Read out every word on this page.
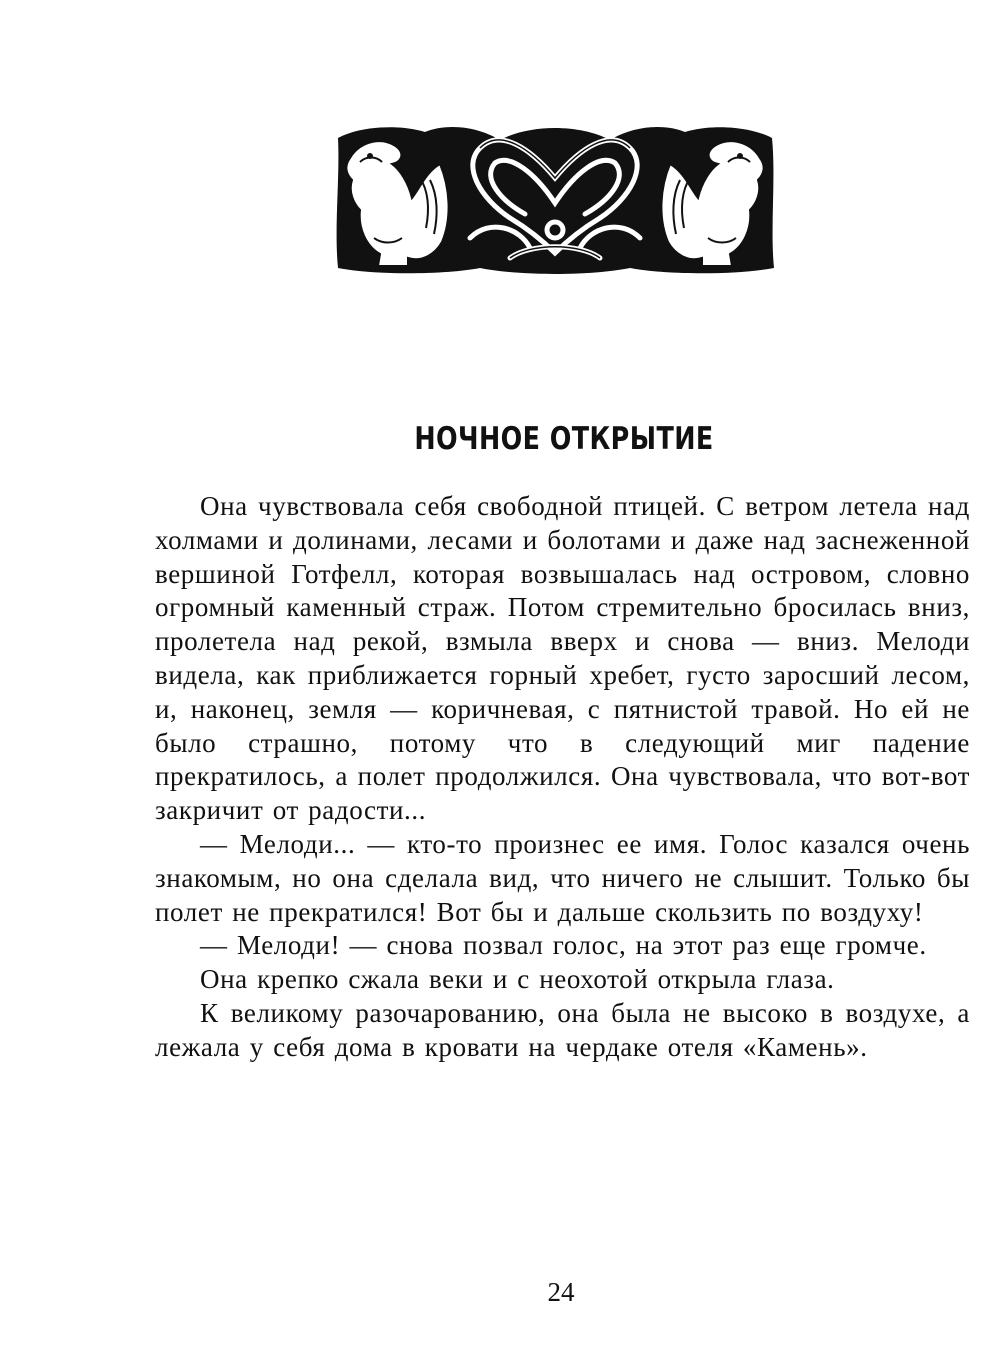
НОЧНОЕ ОТКРЫТИЕ

Она чувствовала себя свободной птицей. С ветром летела над холмами и долинами, лесами и болотами и даже над заснеженной вершиной Готфелл, которая возвышалась над островом, словно огромный каменный страж. Потом стремительно бросилась вниз, пролетела над рекой, взмыла вверх и снова — вниз. Мелоди видела, как приближается горный хребет, густо заросший лесом, и, наконец, земля — коричневая, с пятнистой травой. Но ей не было страшно, потому что в следующий миг падение прекратилось, а полет продолжился. Она чувствовала, что вот-вот закричит от радости...

— Мелоди... — кто-то произнес ее имя. Голос казался очень знакомым, но она сделала вид, что ничего не слышит. Только бы полет не прекратился! Вот бы и дальше скользить по воздуху!

— Мелоди! — снова позвал голос, на этот раз еще громче.

Она крепко сжала веки и с неохотой открыла глаза.

К великому разочарованию, она была не высоко в воздухе, а лежала у себя дома в кровати на чердаке отеля «Камень».

24
